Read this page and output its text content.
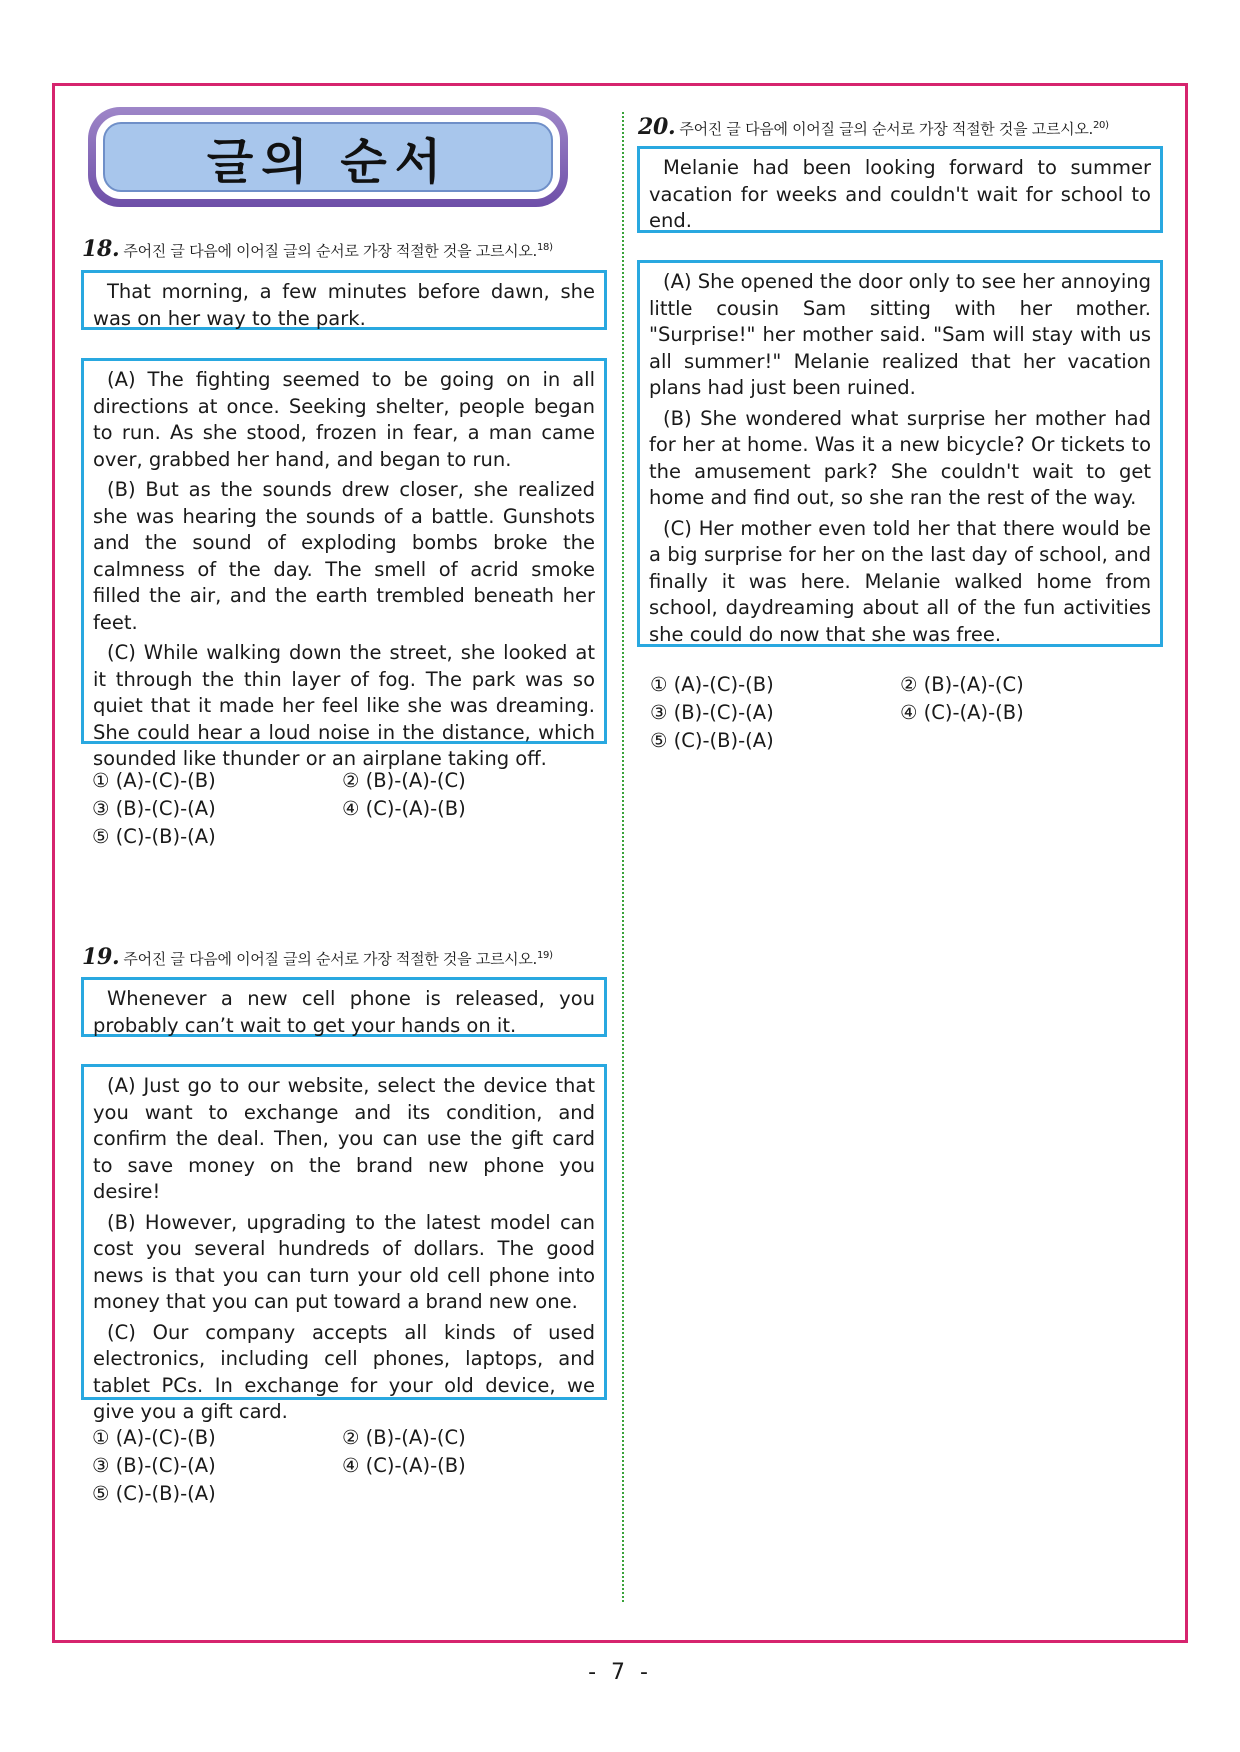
글의 순서
18. 주어진 글 다음에 이어질 글의 순서로 가장 적절한 것을 고르시오.$^{18)}$

That morning, a few minutes before dawn, she was on her way to the park.

(A) The fighting seemed to be going on in all directions at once. Seeking shelter, people began to run. As she stood, frozen in fear, a man came over, grabbed her hand, and began to run.

(B) But as the sounds drew closer, she realized she was hearing the sounds of a battle. Gunshots and the sound of exploding bombs broke the calmness of the day. The smell of acrid smoke filled the air, and the earth trembled beneath her feet.

(C) While walking down the street, she looked at it through the thin layer of fog. The park was so quiet that it made her feel like she was dreaming. She could hear a loud noise in the distance, which sounded like thunder or an airplane taking off.

① (A)-(C)-(B)	② (B)-(A)-(C)
③ (B)-(C)-(A)	④ (C)-(A)-(B)
⑤ (C)-(B)-(A)
19. 주어진 글 다음에 이어질 글의 순서로 가장 적절한 것을 고르시오.$^{19)}$

Whenever a new cell phone is released, you probably can’t wait to get your hands on it.

(A) Just go to our website, select the device that you want to exchange and its condition, and confirm the deal. Then, you can use the gift card to save money on the brand new phone you desire!

(B) However, upgrading to the latest model can cost you several hundreds of dollars. The good news is that you can turn your old cell phone into money that you can put toward a brand new one.

(C) Our company accepts all kinds of used electronics, including cell phones, laptops, and tablet PCs. In exchange for your old device, we give you a gift card.

① (A)-(C)-(B)	② (B)-(A)-(C)
③ (B)-(C)-(A)	④ (C)-(A)-(B)
⑤ (C)-(B)-(A)
20. 주어진 글 다음에 이어질 글의 순서로 가장 적절한 것을 고르시오.$^{20)}$

Melanie had been looking forward to summer vacation for weeks and couldn't wait for school to end.

(A) She opened the door only to see her annoying little cousin Sam sitting with her mother. "Surprise!" her mother said. "Sam will stay with us all summer!" Melanie realized that her vacation plans had just been ruined.

(B) She wondered what surprise her mother had for her at home. Was it a new bicycle? Or tickets to the amusement park? She couldn't wait to get home and find out, so she ran the rest of the way.

(C) Her mother even told her that there would be a big surprise for her on the last day of school, and finally it was here. Melanie walked home from school, daydreaming about all of the fun activities she could do now that she was free.

① (A)-(C)-(B)	② (B)-(A)-(C)
③ (B)-(C)-(A)	④ (C)-(A)-(B)
⑤ (C)-(B)-(A)
- 7 -
